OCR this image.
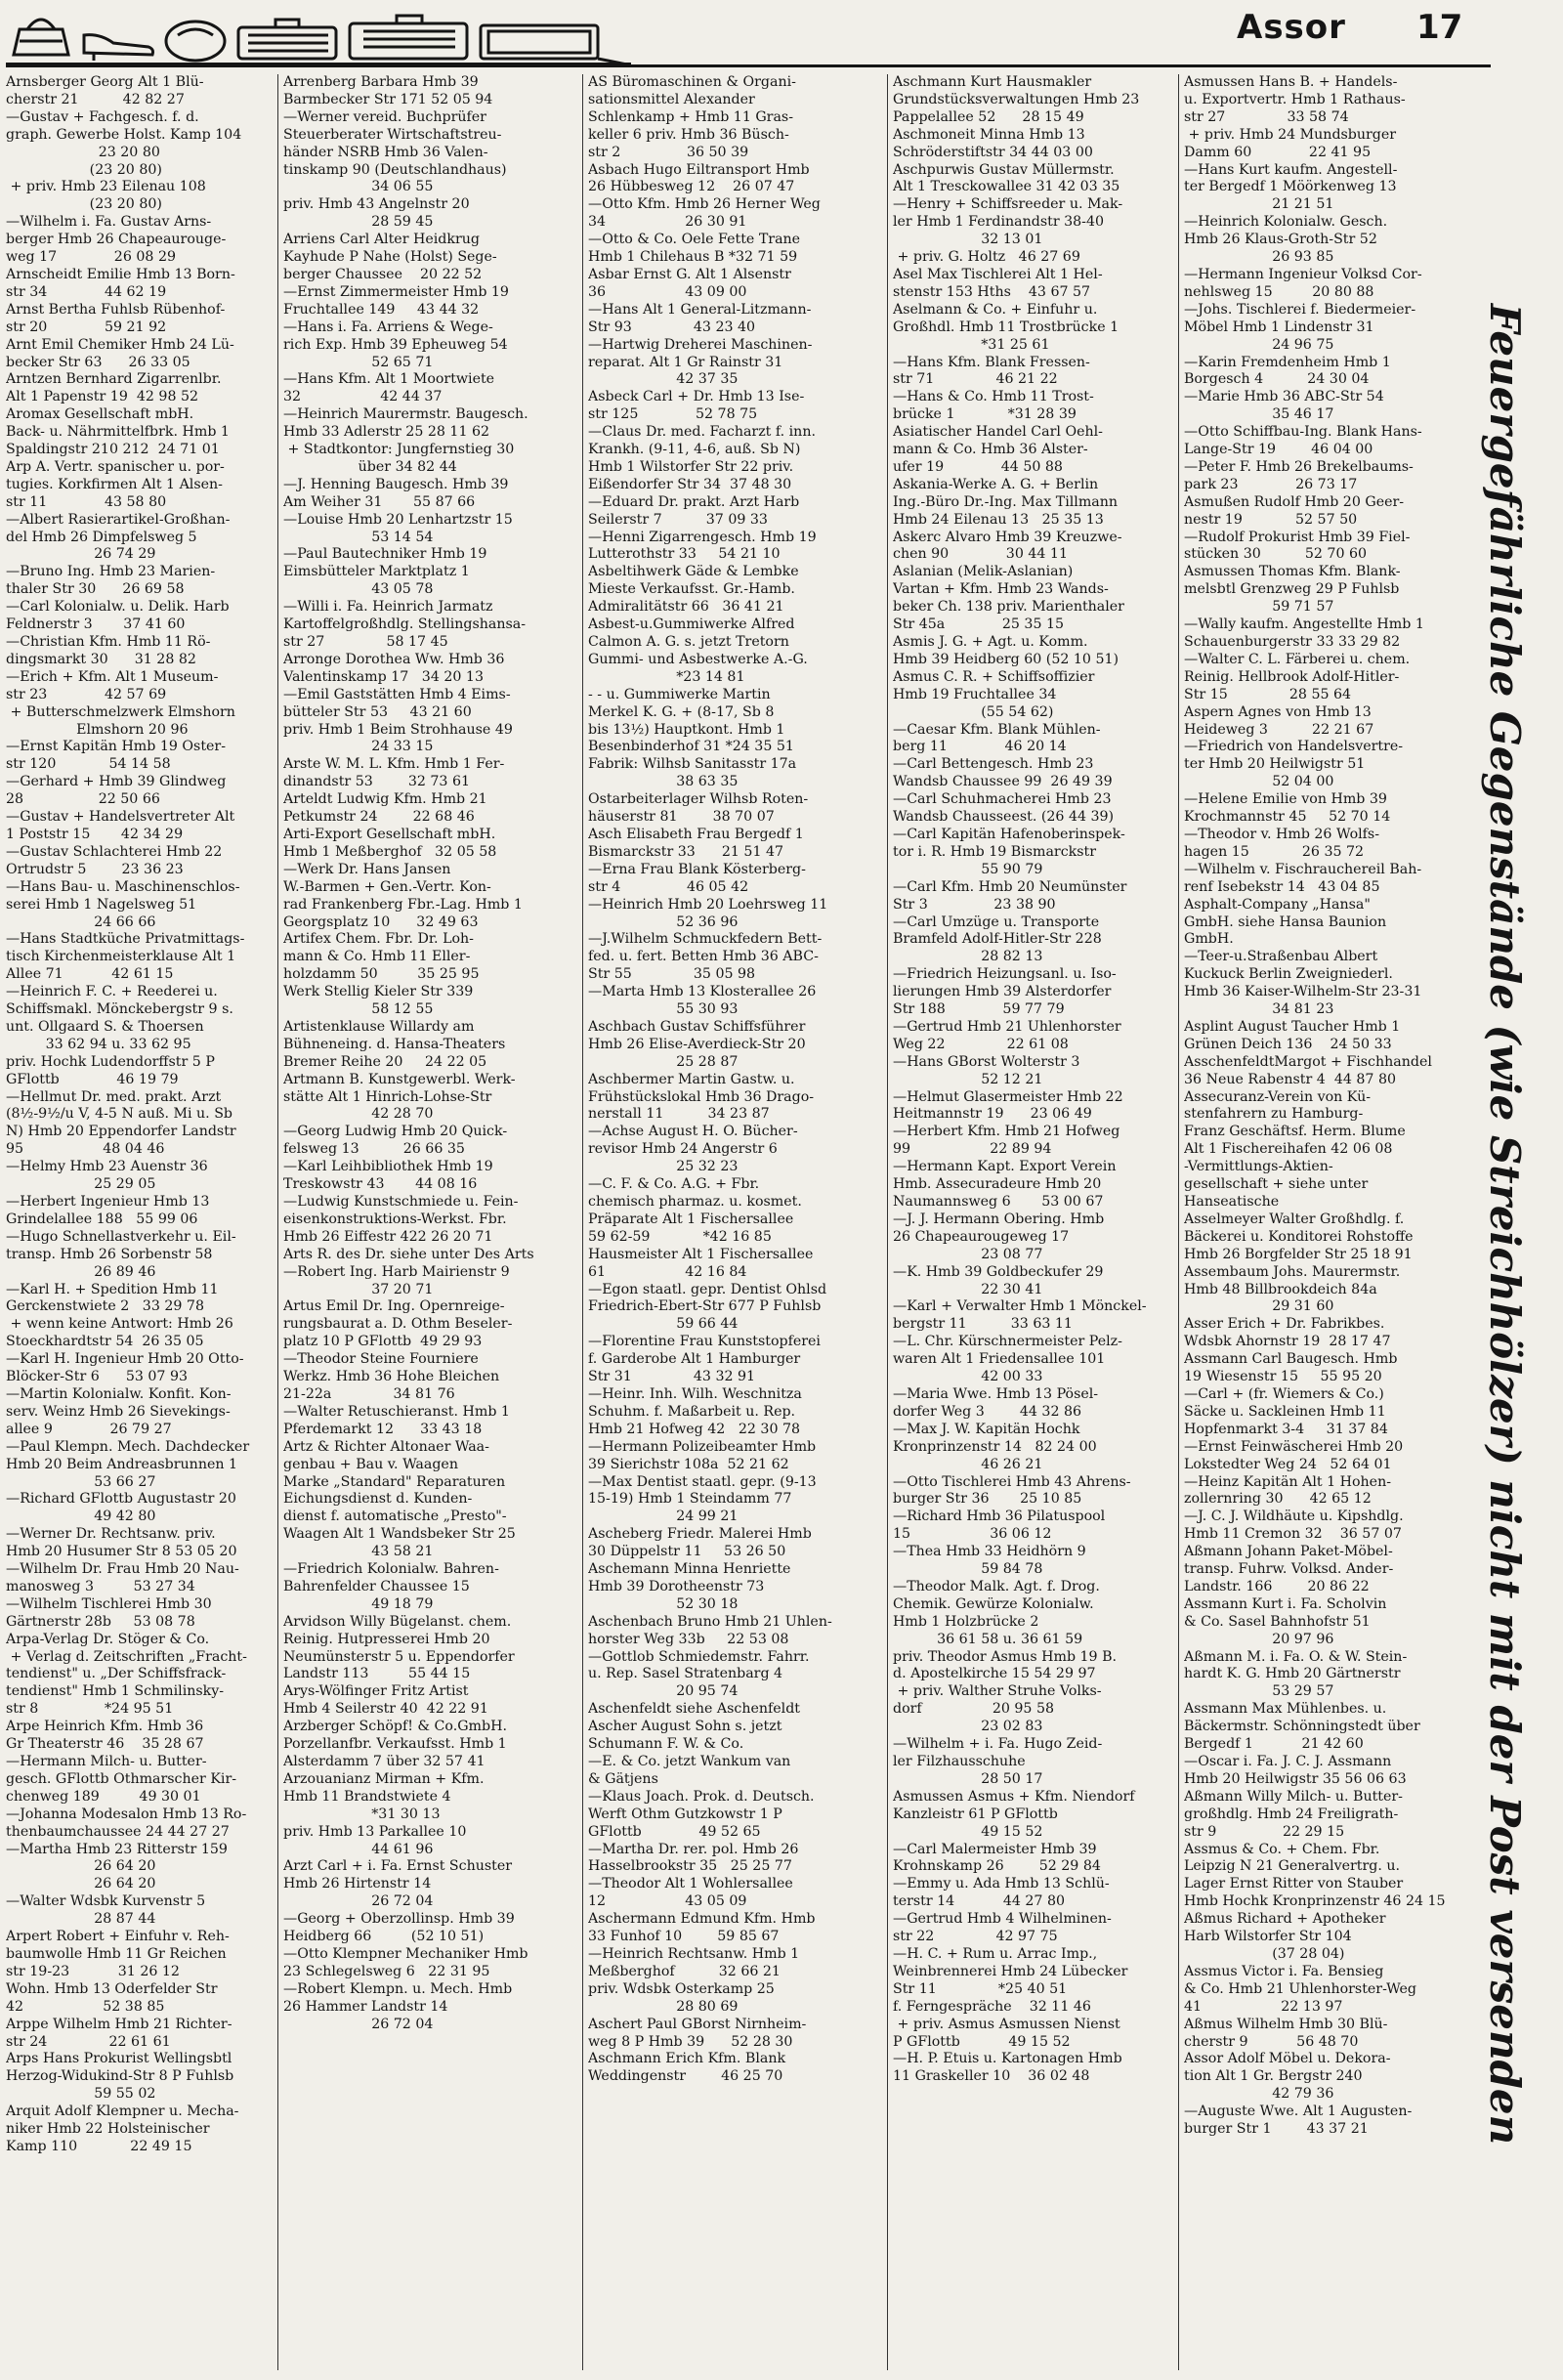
Assor 17
Arnsberger Georg Alt 1 Blü-
cherstr 21          42 82 27
—Gustav + Fachgesch. f. d.
graph. Gewerbe Holst. Kamp 104
23 20 80
(23 20 80)
+ priv. Hmb 23 Eilenau 108
(23 20 80)
—Wilhelm i. Fa. Gustav Arns-
berger Hmb 26 Chapeaurouge-
weg 17             26 08 29
Arnscheidt Emilie Hmb 13 Born-
str 34             44 62 19
Arnst Bertha Fuhlsb Rübenhof-
str 20             59 21 92
Arnt Emil Chemiker Hmb 24 Lü-
becker Str 63      26 33 05
Arntzen Bernhard Zigarrenlbr.
Alt 1 Papenstr 19  42 98 52
Aromax Gesellschaft mbH.
Back- u. Nährmittelfbrk. Hmb 1
Spaldingstr 210 212  24 71 01
Arp A. Vertr. spanischer u. por-
tugies. Korkfirmen Alt 1 Alsen-
str 11             43 58 80
—Albert Rasierartikel-Großhan-
del Hmb 26 Dimpfelsweg 5
26 74 29
—Bruno Ing. Hmb 23 Marien-
thaler Str 30      26 69 58
—Carl Kolonialw. u. Delik. Harb
Feldnerstr 3       37 41 60
—Christian Kfm. Hmb 11 Rö-
dingsmarkt 30      31 28 82
—Erich + Kfm. Alt 1 Museum-
str 23             42 57 69
+ Butterschmelzwerk Elmshorn
Elmshorn 20 96
—Ernst Kapitän Hmb 19 Oster-
str 120            54 14 58
—Gerhard + Hmb 39 Glindweg
28                 22 50 66
—Gustav + Handelsvertreter Alt
1 Poststr 15       42 34 29
—Gustav Schlachterei Hmb 22
Ortrudstr 5        23 36 23
—Hans Bau- u. Maschinenschlos-
serei Hmb 1 Nagelsweg 51
24 66 66
—Hans Stadtküche Privatmittags-
tisch Kirchenmeisterklause Alt 1
Allee 71           42 61 15
—Heinrich F. C. + Reederei u.
Schiffsmakl. Mönckebergstr 9 s.
unt. Ollgaard S. & Thoersen
33 62 94 u. 33 62 95
priv. Hochk Ludendorffstr 5 P
GFlottb             46 19 79
—Hellmut Dr. med. prakt. Arzt
(8½-9½/u V, 4-5 N auß. Mi u. Sb
N) Hmb 20 Eppendorfer Landstr
95                  48 04 46
—Helmy Hmb 23 Auenstr 36
25 29 05
—Herbert Ingenieur Hmb 13
Grindelallee 188   55 99 06
—Hugo Schnellastverkehr u. Eil-
transp. Hmb 26 Sorbenstr 58
26 89 46
—Karl H. + Spedition Hmb 11
Gerckenstwiete 2   33 29 78
+ wenn keine Antwort: Hmb 26
Stoeckhardtstr 54  26 35 05
—Karl H. Ingenieur Hmb 20 Otto-
Blöcker-Str 6      53 07 93
—Martin Kolonialw. Konfit. Kon-
serv. Weinz Hmb 26 Sievekings-
allee 9             26 79 27
—Paul Klempn. Mech. Dachdecker
Hmb 20 Beim Andreasbrunnen 1
53 66 27
—Richard GFlottb Augustastr 20
49 42 80
—Werner Dr. Rechtsanw. priv.
Hmb 20 Husumer Str 8 53 05 20
—Wilhelm Dr. Frau Hmb 20 Nau-
manosweg 3         53 27 34
—Wilhelm Tischlerei Hmb 30
Gärtnerstr 28b     53 08 78
Arpa-Verlag Dr. Stöger & Co.
+ Verlag d. Zeitschriften „Fracht-
tendienst" u. „Der Schiffsfrack-
tendienst" Hmb 1 Schmilinsky-
str 8               *24 95 51
Arpe Heinrich Kfm. Hmb 36
Gr Theaterstr 46    35 28 67
—Hermann Milch- u. Butter-
gesch. GFlottb Othmarscher Kir-
chenweg 189         49 30 01
—Johanna Modesalon Hmb 13 Ro-
thenbaumchaussee 24 44 27 27
—Martha Hmb 23 Ritterstr 159
26 64 20
26 64 20
—Walter Wdsbk Kurvenstr 5
28 87 44
Arpert Robert + Einfuhr v. Reh-
baumwolle Hmb 11 Gr Reichen
str 19-23           31 26 12
Wohn. Hmb 13 Oderfelder Str
42                  52 38 85
Arppe Wilhelm Hmb 21 Richter-
str 24              22 61 61
Arps Hans Prokurist Wellingsbtl
Herzog-Widukind-Str 8 P Fuhlsb
59 55 02
Arquit Adolf Klempner u. Mecha-
niker Hmb 22 Holsteinischer
Kamp 110            22 49 15
Arrenberg Barbara Hmb 39
Barmbecker Str 171 52 05 94
—Werner vereid. Buchprüfer
Steuerberater Wirtschaftstreu-
händer NSRB Hmb 36 Valen-
tinskamp 90 (Deutschlandhaus)
34 06 55
priv. Hmb 43 Angelnstr 20
28 59 45
Arriens Carl Alter Heidkrug
Kayhude P Nahe (Holst) Sege-
berger Chaussee    20 22 52
—Ernst Zimmermeister Hmb 19
Fruchtallee 149     43 44 32
—Hans i. Fa. Arriens & Wege-
rich Exp. Hmb 39 Epheuweg 54
52 65 71
—Hans Kfm. Alt 1 Moortwiete
32                  42 44 37
—Heinrich Maurermstr. Baugesch.
Hmb 33 Adlerstr 25 28 11 62
+ Stadtkontor: Jungfernstieg 30
über 34 82 44
—J. Henning Baugesch. Hmb 39
Am Weiher 31       55 87 66
—Louise Hmb 20 Lenhartzstr 15
53 14 54
—Paul Bautechniker Hmb 19
Eimsbütteler Marktplatz 1
43 05 78
—Willi i. Fa. Heinrich Jarmatz
Kartoffelgroßhdlg. Stellingshansa-
str 27              58 17 45
Arronge Dorothea Ww. Hmb 36
Valentinskamp 17   34 20 13
—Emil Gaststätten Hmb 4 Eims-
bütteler Str 53     43 21 60
priv. Hmb 1 Beim Strohhause 49
24 33 15
Arste W. M. L. Kfm. Hmb 1 Fer-
dinandstr 53        32 73 61
Arteldt Ludwig Kfm. Hmb 21
Petkumstr 24        22 68 46
Arti-Export Gesellschaft mbH.
Hmb 1 Meßberghof   32 05 58
—Werk Dr. Hans Jansen
W.-Barmen + Gen.-Vertr. Kon-
rad Frankenberg Fbr.-Lag. Hmb 1
Georgsplatz 10      32 49 63
Artifex Chem. Fbr. Dr. Loh-
mann & Co. Hmb 11 Eller-
holzdamm 50         35 25 95
Werk Stellig Kieler Str 339
58 12 55
Artistenklause Willardy am
Bühneneing. d. Hansa-Theaters
Bremer Reihe 20     24 22 05
Artmann B. Kunstgewerbl. Werk-
stätte Alt 1 Hinrich-Lohse-Str
42 28 70
—Georg Ludwig Hmb 20 Quick-
felsweg 13          26 66 35
—Karl Leihbibliothek Hmb 19
Treskowstr 43       44 08 16
—Ludwig Kunstschmiede u. Fein-
eisenkonstruktions-Werkst. Fbr.
Hmb 26 Eiffestr 422 26 20 71
Arts R. des Dr. siehe unter Des Arts
—Robert Ing. Harb Mairienstr 9
37 20 71
Artus Emil Dr. Ing. Opernreige-
rungsbaurat a. D. Othm Beseler-
platz 10 P GFlottb  49 29 93
—Theodor Steine Fourniere
Werkz. Hmb 36 Hohe Bleichen
21-22a              34 81 76
—Walter Retuschieranst. Hmb 1
Pferdemarkt 12      33 43 18
Artz & Richter Altonaer Waa-
genbau + Bau v. Waagen
Marke „Standard" Reparaturen
Eichungsdienst d. Kunden-
dienst f. automatische „Presto"-
Waagen Alt 1 Wandsbeker Str 25
43 58 21
—Friedrich Kolonialw. Bahren-
Bahrenfelder Chaussee 15
49 18 79
Arvidson Willy Bügelanst. chem.
Reinig. Hutpresserei Hmb 20
Neumünsterstr 5 u. Eppendorfer
Landstr 113         55 44 15
Arys-Wölfinger Fritz Artist
Hmb 4 Seilerstr 40  42 22 91
Arzberger Schöpf! & Co.GmbH.
Porzellanfbr. Verkaufsst. Hmb 1
Alsterdamm 7 über 32 57 41
Arzouanianz Mirman + Kfm.
Hmb 11 Brandstwiete 4
*31 30 13
priv. Hmb 13 Parkallee 10
44 61 96
Arzt Carl + i. Fa. Ernst Schuster
Hmb 26 Hirtenstr 14
26 72 04
—Georg + Oberzollinsp. Hmb 39
Heidberg 66         (52 10 51)
—Otto Klempner Mechaniker Hmb
23 Schlegelsweg 6   22 31 95
—Robert Klempn. u. Mech. Hmb
26 Hammer Landstr 14
26 72 04
AS Büromaschinen & Organi-
sationsmittel Alexander
Schlenkamp + Hmb 11 Gras-
keller 6 priv. Hmb 36 Büsch-
str 2               36 50 39
Asbach Hugo Eiltransport Hmb
26 Hübbesweg 12    26 07 47
—Otto Kfm. Hmb 26 Herner Weg
34                  26 30 91
—Otto & Co. Oele Fette Trane
Hmb 1 Chilehaus B *32 71 59
Asbar Ernst G. Alt 1 Alsenstr
36                  43 09 00
—Hans Alt 1 General-Litzmann-
Str 93              43 23 40
—Hartwig Dreherei Maschinen-
reparat. Alt 1 Gr Rainstr 31
42 37 35
Asbeck Carl + Dr. Hmb 13 Ise-
str 125             52 78 75
—Claus Dr. med. Facharzt f. inn.
Krankh. (9-11, 4-6, auß. Sb N)
Hmb 1 Wilstorfer Str 22 priv.
Eißendorfer Str 34  37 48 30
—Eduard Dr. prakt. Arzt Harb
Seilerstr 7          37 09 33
—Henni Zigarrengesch. Hmb 19
Lutterothstr 33     54 21 10
Asbeltihwerk Gäde & Lembke
Mieste Verkaufsst. Gr.-Hamb.
Admiralitätstr 66   36 41 21
Asbest-u.Gummiwerke Alfred
Calmon A. G. s. jetzt Tretorn
Gummi- und Asbestwerke A.-G.
*23 14 81
- - u. Gummiwerke Martin
Merkel K. G. + (8-17, Sb 8
bis 13½) Hauptkont. Hmb 1
Besenbinderhof 31 *24 35 51
Fabrik: Wilhsb Sanitasstr 17a
38 63 35
Ostarbeiterlager Wilhsb Roten-
häuserstr 81        38 70 07
Asch Elisabeth Frau Bergedf 1
Bismarckstr 33      21 51 47
—Erna Frau Blank Kösterberg-
str 4               46 05 42
—Heinrich Hmb 20 Loehrsweg 11
52 36 96
—J.Wilhelm Schmuckfedern Bett-
fed. u. fert. Betten Hmb 36 ABC-
Str 55              35 05 98
—Marta Hmb 13 Klosterallee 26
55 30 93
Aschbach Gustav Schiffsführer
Hmb 26 Elise-Averdieck-Str 20
25 28 87
Aschbermer Martin Gastw. u.
Frühstückslokal Hmb 36 Drago-
nerstall 11          34 23 87
—Achse August H. O. Bücher-
revisor Hmb 24 Angerstr 6
25 32 23
—C. F. & Co. A.G. + Fbr.
chemisch pharmaz. u. kosmet.
Präparate Alt 1 Fischersallee
59 62-59            *42 16 85
Hausmeister Alt 1 Fischersallee
61                  42 16 84
—Egon staatl. gepr. Dentist Ohlsd
Friedrich-Ebert-Str 677 P Fuhlsb
59 66 44
—Florentine Frau Kunststopferei
f. Garderobe Alt 1 Hamburger
Str 31              43 32 91
—Heinr. Inh. Wilh. Weschnitza
Schuhm. f. Maßarbeit u. Rep.
Hmb 21 Hofweg 42   22 30 78
—Hermann Polizeibeamter Hmb
39 Sierichstr 108a  52 21 62
—Max Dentist staatl. gepr. (9-13
15-19) Hmb 1 Steindamm 77
24 99 21
Ascheberg Friedr. Malerei Hmb
30 Düppelstr 11     53 26 50
Aschemann Minna Henriette
Hmb 39 Dorotheenstr 73
52 30 18
Aschenbach Bruno Hmb 21 Uhlen-
horster Weg 33b     22 53 08
—Gottlob Schmiedemstr. Fahrr.
u. Rep. Sasel Stratenbarg 4
20 95 74
Aschenfeldt siehe Aschenfeldt
Ascher August Sohn s. jetzt
Schumann F. W. & Co.
—E. & Co. jetzt Wankum van
& Gätjens
—Klaus Joach. Prok. d. Deutsch.
Werft Othm Gutzkowstr 1 P
GFlottb             49 52 65
—Martha Dr. rer. pol. Hmb 26
Hasselbrookstr 35   25 25 77
—Theodor Alt 1 Wohlersallee
12                  43 05 09
Aschermann Edmund Kfm. Hmb
33 Funhof 10        59 85 67
—Heinrich Rechtsanw. Hmb 1
Meßberghof          32 66 21
priv. Wdsbk Osterkamp 25
28 80 69
Aschert Paul GBorst Nirnheim-
weg 8 P Hmb 39      52 28 30
Aschmann Erich Kfm. Blank
Weddingenstr        46 25 70
Aschmann Kurt Hausmakler
Grundstücksverwaltungen Hmb 23
Pappelallee 52      28 15 49
Aschmoneit Minna Hmb 13
Schröderstiftstr 34 44 03 00
Aschpurwis Gustav Müllermstr.
Alt 1 Tresckowallee 31 42 03 35
—Henry + Schiffsreeder u. Mak-
ler Hmb 1 Ferdinandstr 38-40
32 13 01
+ priv. G. Holtz   46 27 69
Asel Max Tischlerei Alt 1 Hel-
stenstr 153 Hths    43 67 57
Aselmann & Co. + Einfuhr u.
Großhdl. Hmb 11 Trostbrücke 1
*31 25 61
—Hans Kfm. Blank Fressen-
str 71              46 21 22
—Hans & Co. Hmb 11 Trost-
brücke 1            *31 28 39
Asiatischer Handel Carl Oehl-
mann & Co. Hmb 36 Alster-
ufer 19             44 50 88
Askania-Werke A. G. + Berlin
Ing.-Büro Dr.-Ing. Max Tillmann
Hmb 24 Eilenau 13   25 35 13
Askerc Alvaro Hmb 39 Kreuzwe-
chen 90             30 44 11
Aslanian (Melik-Aslanian)
Vartan + Kfm. Hmb 23 Wands-
beker Ch. 138 priv. Marienthaler
Str 45a             25 35 15
Asmis J. G. + Agt. u. Komm.
Hmb 39 Heidberg 60 (52 10 51)
Asmus C. R. + Schiffsoffizier
Hmb 19 Fruchtallee 34
(55 54 62)
—Caesar Kfm. Blank Mühlen-
berg 11             46 20 14
—Carl Bettengesch. Hmb 23
Wandsb Chaussee 99  26 49 39
—Carl Schuhmacherei Hmb 23
Wandsb Chausseest. (26 44 39)
—Carl Kapitän Hafenoberinspek-
tor i. R. Hmb 19 Bismarckstr
55 90 79
—Carl Kfm. Hmb 20 Neumünster
Str 3               23 38 90
—Carl Umzüge u. Transporte
Bramfeld Adolf-Hitler-Str 228
28 82 13
—Friedrich Heizungsanl. u. Iso-
lierungen Hmb 39 Alsterdorfer
Str 188             59 77 79
—Gertrud Hmb 21 Uhlenhorster
Weg 22              22 61 08
—Hans GBorst Wolterstr 3
52 12 21
—Helmut Glasermeister Hmb 22
Heitmannstr 19      23 06 49
—Herbert Kfm. Hmb 21 Hofweg
99                  22 89 94
—Hermann Kapt. Export Verein
Hmb. Assecuradeure Hmb 20
Naumannsweg 6       53 00 67
—J. J. Hermann Obering. Hmb
26 Chapeaurougeweg 17
23 08 77
—K. Hmb 39 Goldbeckufer 29
22 30 41
—Karl + Verwalter Hmb 1 Mönckel-
bergstr 11          33 63 11
—L. Chr. Kürschnermeister Pelz-
waren Alt 1 Friedensallee 101
42 00 33
—Maria Wwe. Hmb 13 Pösel-
dorfer Weg 3        44 32 86
—Max J. W. Kapitän Hochk
Kronprinzenstr 14   82 24 00
46 26 21
—Otto Tischlerei Hmb 43 Ahrens-
burger Str 36       25 10 85
—Richard Hmb 36 Pilatuspool
15                  36 06 12
—Thea Hmb 33 Heidhörn 9
59 84 78
—Theodor Malk. Agt. f. Drog.
Chemik. Gewürze Kolonialw.
Hmb 1 Holzbrücke 2
36 61 58 u. 36 61 59
priv. Theodor Asmus Hmb 19 B.
d. Apostelkirche 15 54 29 97
+ priv. Walther Struhe Volks-
dorf                20 95 58
23 02 83
—Wilhelm + i. Fa. Hugo Zeid-
ler Filzhausschuhe
28 50 17
Asmussen Asmus + Kfm. Niendorf
Kanzleistr 61 P GFlottb
49 15 52
—Carl Malermeister Hmb 39
Krohnskamp 26        52 29 84
—Emmy u. Ada Hmb 13 Schlü-
terstr 14           44 27 80
—Gertrud Hmb 4 Wilhelminen-
str 22              42 97 75
—H. C. + Rum u. Arrac Imp.,
Weinbrennerei Hmb 24 Lübecker
Str 11              *25 40 51
f. Ferngespräche    32 11 46
+ priv. Asmus Asmussen Nienst
P GFlottb           49 15 52
—H. P. Etuis u. Kartonagen Hmb
11 Graskeller 10    36 02 48
Asmussen Hans B. + Handels-
u. Exportvertr. Hmb 1 Rathaus-
str 27              33 58 74
+ priv. Hmb 24 Mundsburger
Damm 60             22 41 95
—Hans Kurt kaufm. Angestell-
ter Bergedf 1 Möörkenweg 13
21 21 51
—Heinrich Kolonialw. Gesch.
Hmb 26 Klaus-Groth-Str 52
26 93 85
—Hermann Ingenieur Volksd Cor-
nehlsweg 15         20 80 88
—Johs. Tischlerei f. Biedermeier-
Möbel Hmb 1 Lindenstr 31
24 96 75
—Karin Fremdenheim Hmb 1
Borgesch 4          24 30 04
—Marie Hmb 36 ABC-Str 54
35 46 17
—Otto Schiffbau-Ing. Blank Hans-
Lange-Str 19        46 04 00
—Peter F. Hmb 26 Brekelbaums-
park 23             26 73 17
Asmußen Rudolf Hmb 20 Geer-
nestr 19            52 57 50
—Rudolf Prokurist Hmb 39 Fiel-
stücken 30          52 70 60
Asmussen Thomas Kfm. Blank-
melsbtl Grenzweg 29 P Fuhlsb
59 71 57
—Wally kaufm. Angestellte Hmb 1
Schauenburgerstr 33 33 29 82
—Walter C. L. Färberei u. chem.
Reinig. Hellbrook Adolf-Hitler-
Str 15              28 55 64
Aspern Agnes von Hmb 13
Heideweg 3          22 21 67
—Friedrich von Handelsvertre-
ter Hmb 20 Heilwigstr 51
52 04 00
—Helene Emilie von Hmb 39
Krochmannstr 45     52 70 14
—Theodor v. Hmb 26 Wolfs-
hagen 15            26 35 72
—Wilhelm v. Fischrauchereil Bah-
renf Isebekstr 14   43 04 85
Asphalt-Company „Hansa"
GmbH. siehe Hansa Baunion
GmbH.
—Teer-u.Straßenbau Albert
Kuckuck Berlin Zweigniederl.
Hmb 36 Kaiser-Wilhelm-Str 23-31
34 81 23
Asplint August Taucher Hmb 1
Grünen Deich 136    24 50 33
AsschenfeldtMargot + Fischhandel
36 Neue Rabenstr 4  44 87 80
Assecuranz-Verein von Kü-
stenfahrern zu Hamburg-
Franz Geschäftsf. Herm. Blume
Alt 1 Fischereihafen 42 06 08
-Vermittlungs-Aktien-
gesellschaft + siehe unter
Hanseatische
Asselmeyer Walter Großhdlg. f.
Bäckerei u. Konditorei Rohstoffe
Hmb 26 Borgfelder Str 25 18 91
Assembaum Johs. Maurermstr.
Hmb 48 Billbrookdeich 84a
29 31 60
Asser Erich + Dr. Fabrikbes.
Wdsbk Ahornstr 19  28 17 47
Assmann Carl Baugesch. Hmb
19 Wiesenstr 15     55 95 20
—Carl + (fr. Wiemers & Co.)
Säcke u. Sackleinen Hmb 11
Hopfenmarkt 3-4     31 37 84
—Ernst Feinwäscherei Hmb 20
Lokstedter Weg 24   52 64 01
—Heinz Kapitän Alt 1 Hohen-
zollernring 30      42 65 12
—J. C. J. Wildhäute u. Kipshdlg.
Hmb 11 Cremon 32    36 57 07
Aßmann Johann Paket-Möbel-
transp. Fuhrw. Volksd. Ander-
Landstr. 166        20 86 22
Assmann Kurt i. Fa. Scholvin
& Co. Sasel Bahnhofstr 51
20 97 96
Aßmann M. i. Fa. O. & W. Stein-
hardt K. G. Hmb 20 Gärtnerstr
53 29 57
Assmann Max Mühlenbes. u.
Bäckermstr. Schönningstedt über
Bergedf 1           21 42 60
—Oscar i. Fa. J. C. J. Assmann
Hmb 20 Heilwigstr 35 56 06 63
Aßmann Willy Milch- u. Butter-
großhdlg. Hmb 24 Freiligrath-
str 9               22 29 15
Assmus & Co. + Chem. Fbr.
Leipzig N 21 Generalvertrg. u.
Lager Ernst Ritter von Stauber
Hmb Hochk Kronprinzenstr 46 24 15
Aßmus Richard + Apotheker
Harb Wilstorfer Str 104
(37 28 04)
Assmus Victor i. Fa. Bensieg
& Co. Hmb 21 Uhlenhorster-Weg
41                  22 13 97
Aßmus Wilhelm Hmb 30 Blü-
cherstr 9           56 48 70
Assor Adolf Möbel u. Dekora-
tion Alt 1 Gr. Bergstr 240
42 79 36
—Auguste Wwe. Alt 1 Augusten-
burger Str 1        43 37 21	Feuergefährliche Gegenstände (wie Streichhölzer) nicht mit der Post versenden
